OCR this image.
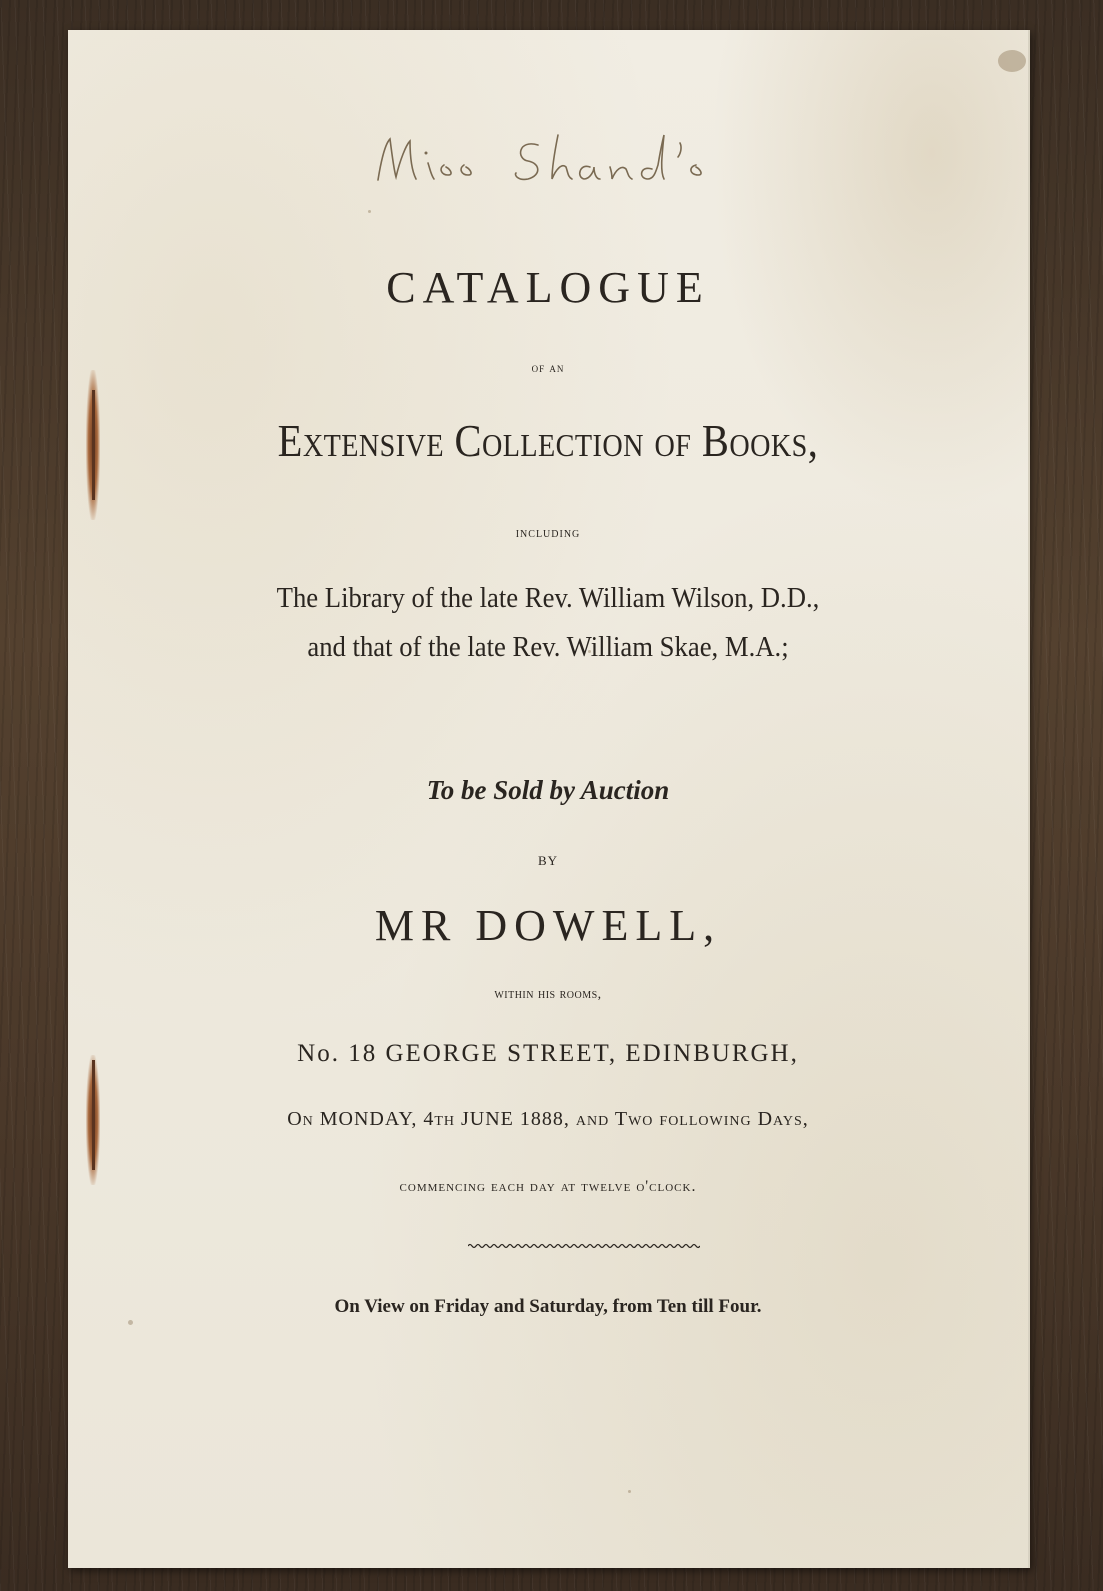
CATALOGUE
of an
Extensive Collection of Books,
including
The Library of the late Rev. William Wilson, D.D.,
and that of the late Rev. William Skae, M.A.;
To be Sold by Auction
BY
MR DOWELL,
within his rooms,
No. 18 GEORGE STREET, EDINBURGH,
On MONDAY, 4th JUNE 1888, and Two following Days,
commencing each day at twelve o'clock.
On View on Friday and Saturday, from Ten till Four.
